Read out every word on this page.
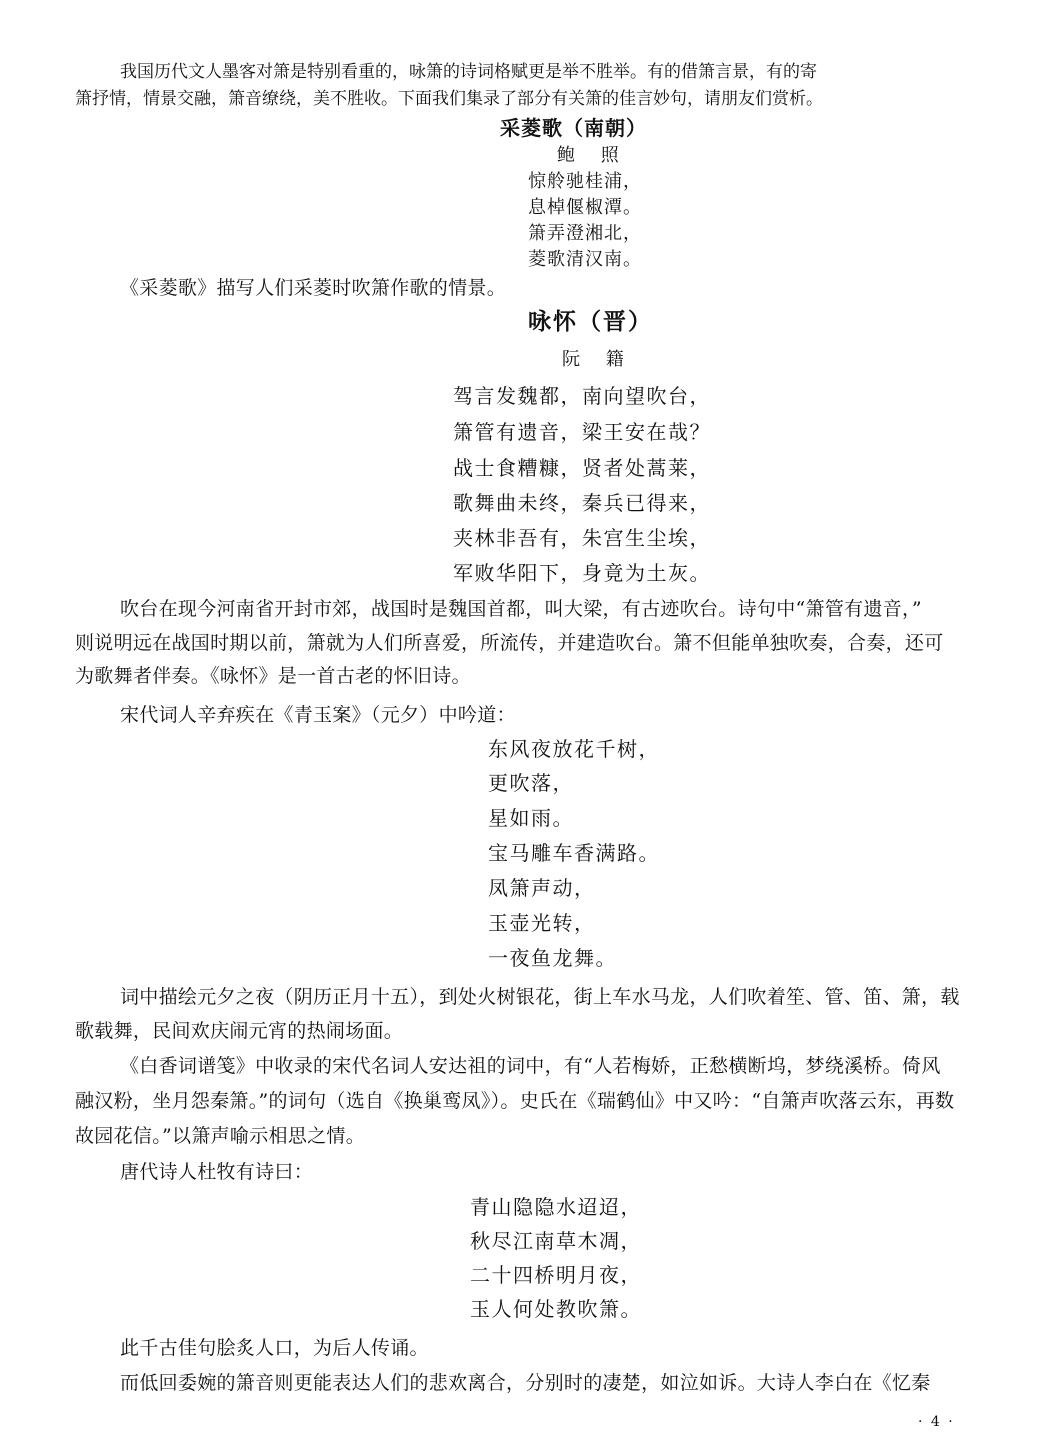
我国历代文人墨客对箫是特别看重的，咏箫的诗词格赋更是举不胜举。有的借箫言景，有的寄

箫抒情，情景交融，箫音缭绕，美不胜收。下面我们集录了部分有关箫的佳言妙句，请朋友们赏析。

采菱歌（南朝）

鲍 照

惊舲驰桂浦，

息棹偃椒潭。

箫弄澄湘北，

菱歌清汉南。

《采菱歌》描写人们采菱时吹箫作歌的情景。

咏怀（晋）

阮 籍

驾言发魏都，南向望吹台，

箫管有遗音，梁王安在哉？

战士食糟糠，贤者处蒿莱，

歌舞曲未终，秦兵已得来，

夹林非吾有，朱宫生尘埃，

军败华阳下，身竟为土灰。

吹台在现今河南省开封市郊，战国时是魏国首都，叫大梁，有古迹吹台。诗句中“箫管有遗音，”

则说明远在战国时期以前，箫就为人们所喜爱，所流传，并建造吹台。箫不但能单独吹奏，合奏，还可

为歌舞者伴奏。《咏怀》是一首古老的怀旧诗。

宋代词人辛弃疾在《青玉案》（元夕）中吟道：

东风夜放花千树，

更吹落，

星如雨。

宝马雕车香满路。

凤箫声动，

玉壶光转，

一夜鱼龙舞。

词中描绘元夕之夜（阴历正月十五），到处火树银花，街上车水马龙，人们吹着笙、管、笛、箫，载

歌载舞，民间欢庆闹元宵的热闹场面。

《白香词谱笺》中收录的宋代名词人安达祖的词中，有“人若梅娇，正愁横断坞，梦绕溪桥。倚风

融汉粉，坐月怨秦箫。”的词句（选自《换巢鸾凤》）。史氏在《瑞鹤仙》中又吟：“自箫声吹落云东，再数

故园花信。”以箫声喻示相思之情。

唐代诗人杜牧有诗曰：

青山隐隐水迢迢，

秋尽江南草木凋，

二十四桥明月夜，

玉人何处教吹箫。

此千古佳句脍炙人口，为后人传诵。

而低回委婉的箫音则更能表达人们的悲欢离合，分别时的凄楚，如泣如诉。大诗人李白在《忆秦

· 4 ·
